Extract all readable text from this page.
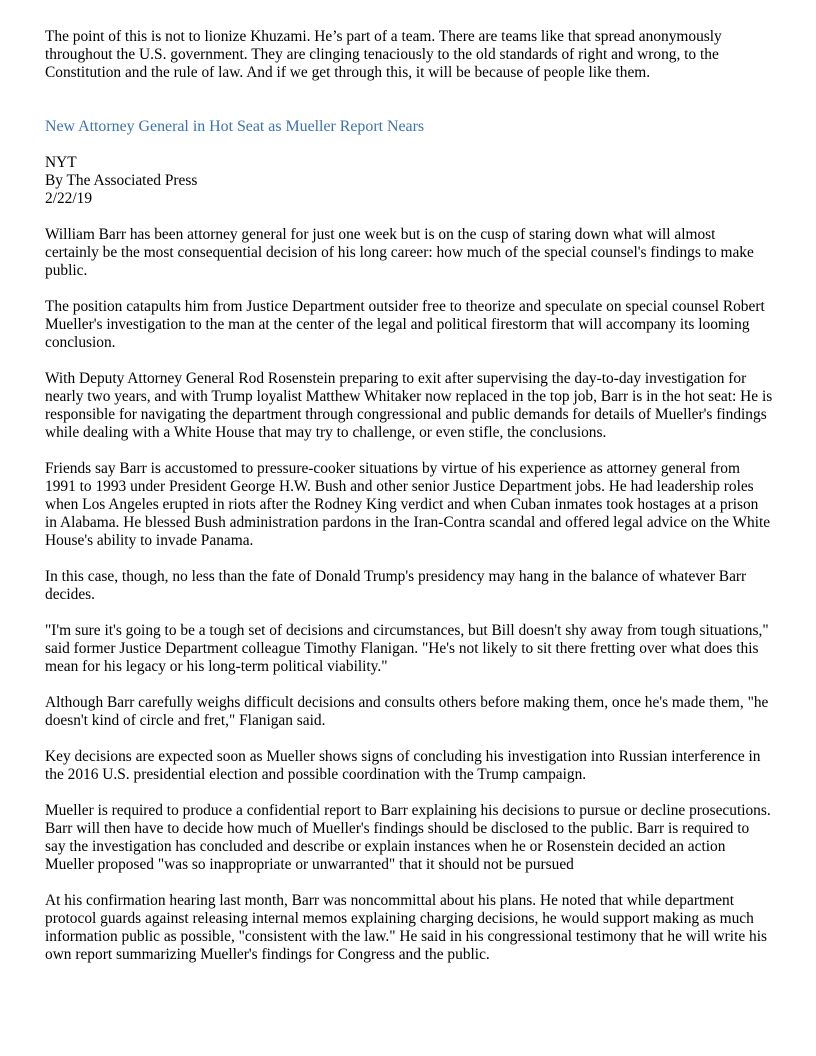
The point of this is not to lionize Khuzami. He’s part of a team. There are teams like that spread anonymously throughout the U.S. government. They are clinging tenaciously to the old standards of right and wrong, to the Constitution and the rule of law. And if we get through this, it will be because of people like them.

New Attorney General in Hot Seat as Mueller Report Nears
NYT
By The Associated Press
2/22/19

William Barr has been attorney general for just one week but is on the cusp of staring down what will almost certainly be the most consequential decision of his long career: how much of the special counsel's findings to make public.

The position catapults him from Justice Department outsider free to theorize and speculate on special counsel Robert Mueller's investigation to the man at the center of the legal and political firestorm that will accompany its looming conclusion.

With Deputy Attorney General Rod Rosenstein preparing to exit after supervising the day-to-day investigation for nearly two years, and with Trump loyalist Matthew Whitaker now replaced in the top job, Barr is in the hot seat: He is responsible for navigating the department through congressional and public demands for details of Mueller's findings while dealing with a White House that may try to challenge, or even stifle, the conclusions.

Friends say Barr is accustomed to pressure-cooker situations by virtue of his experience as attorney general from 1991 to 1993 under President George H.W. Bush and other senior Justice Department jobs. He had leadership roles when Los Angeles erupted in riots after the Rodney King verdict and when Cuban inmates took hostages at a prison in Alabama. He blessed Bush administration pardons in the Iran-Contra scandal and offered legal advice on the White House's ability to invade Panama.

In this case, though, no less than the fate of Donald Trump's presidency may hang in the balance of whatever Barr decides.

"I'm sure it's going to be a tough set of decisions and circumstances, but Bill doesn't shy away from tough situations," said former Justice Department colleague Timothy Flanigan. "He's not likely to sit there fretting over what does this mean for his legacy or his long-term political viability."

Although Barr carefully weighs difficult decisions and consults others before making them, once he's made them, "he doesn't kind of circle and fret," Flanigan said.

Key decisions are expected soon as Mueller shows signs of concluding his investigation into Russian interference in the 2016 U.S. presidential election and possible coordination with the Trump campaign.

Mueller is required to produce a confidential report to Barr explaining his decisions to pursue or decline prosecutions. Barr will then have to decide how much of Mueller's findings should be disclosed to the public. Barr is required to say the investigation has concluded and describe or explain instances when he or Rosenstein decided an action Mueller proposed "was so inappropriate or unwarranted" that it should not be pursued

At his confirmation hearing last month, Barr was noncommittal about his plans. He noted that while department protocol guards against releasing internal memos explaining charging decisions, he would support making as much information public as possible, "consistent with the law." He said in his congressional testimony that he will write his own report summarizing Mueller's findings for Congress and the public.
